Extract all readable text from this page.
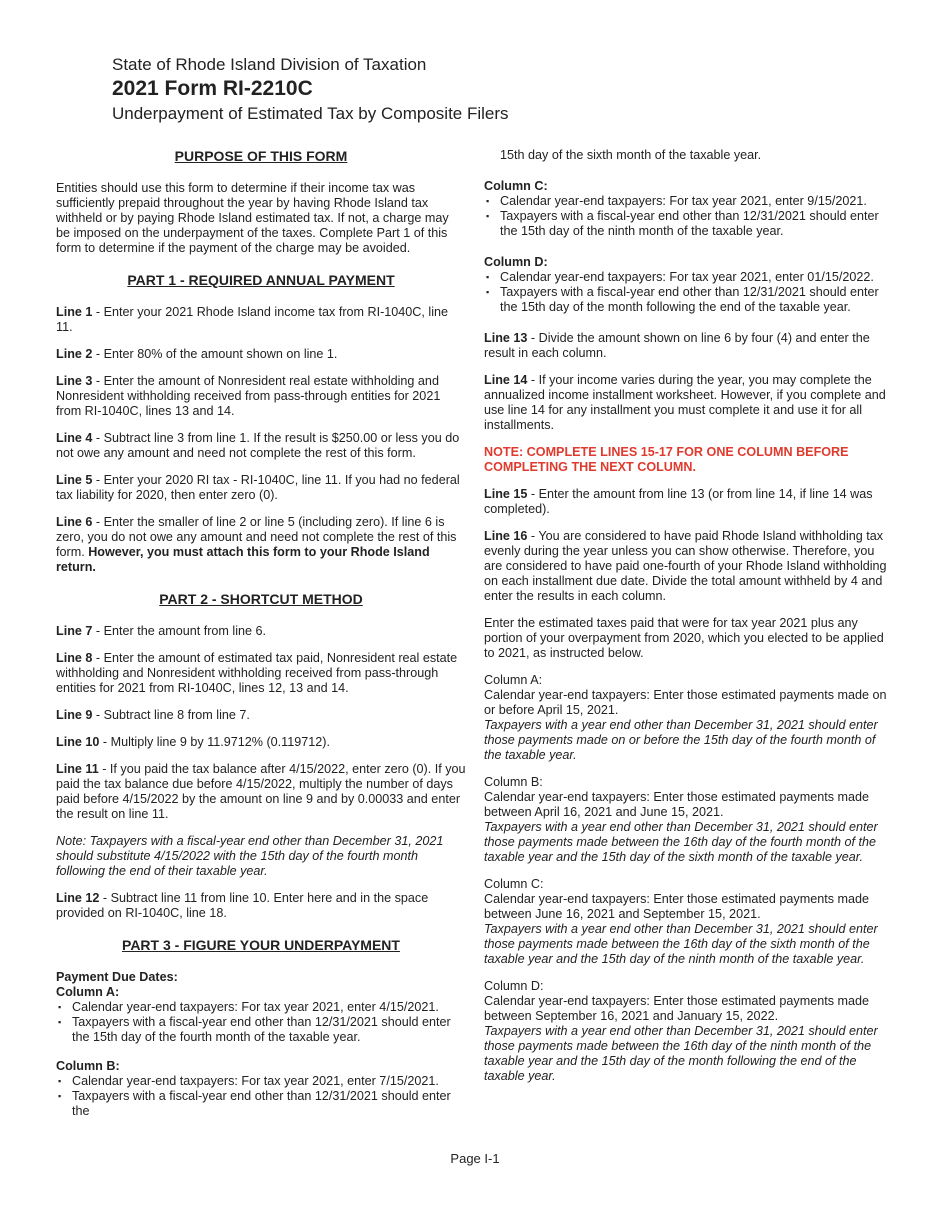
State of Rhode Island Division of Taxation
2021 Form RI-2210C
Underpayment of Estimated Tax by Composite Filers
PURPOSE OF THIS FORM

Entities should use this form to determine if their income tax was sufficiently prepaid throughout the year by having Rhode Island tax withheld or by paying Rhode Island estimated tax. If not, a charge may be imposed on the underpayment of the taxes. Complete Part 1 of this form to determine if the payment of the charge may be avoided.

PART 1 - REQUIRED ANNUAL PAYMENT

Line 1 - Enter your 2021 Rhode Island income tax from RI-1040C, line 11.

Line 2 - Enter 80% of the amount shown on line 1.

Line 3 - Enter the amount of Nonresident real estate withholding and Nonresident withholding received from pass-through entities for 2021 from RI-1040C, lines 13 and 14.

Line 4 - Subtract line 3 from line 1. If the result is $250.00 or less you do not owe any amount and need not complete the rest of this form.

Line 5 - Enter your 2020 RI tax - RI-1040C, line 11. If you had no federal tax liability for 2020, then enter zero (0).

Line 6 - Enter the smaller of line 2 or line 5 (including zero). If line 6 is zero, you do not owe any amount and need not complete the rest of this form. However, you must attach this form to your Rhode Island return.

PART 2 - SHORTCUT METHOD

Line 7 - Enter the amount from line 6.

Line 8 - Enter the amount of estimated tax paid, Nonresident real estate withholding and Nonresident withholding received from pass-through entities for 2021 from RI-1040C, lines 12, 13 and 14.

Line 9 - Subtract line 8 from line 7.

Line 10 - Multiply line 9 by 11.9712% (0.119712).

Line 11 - If you paid the tax balance after 4/15/2022, enter zero (0). If you paid the tax balance due before 4/15/2022, multiply the number of days paid before 4/15/2022 by the amount on line 9 and by 0.00033 and enter the result on line 11.

Note: Taxpayers with a fiscal-year end other than December 31, 2021 should substitute 4/15/2022 with the 15th day of the fourth month following the end of their taxable year.

Line 12 - Subtract line 11 from line 10. Enter here and in the space provided on RI-1040C, line 18.

PART 3 - FIGURE YOUR UNDERPAYMENT
Payment Due Dates:
Column A:
▪ Calendar year-end taxpayers: For tax year 2021, enter 4/15/2021.
▪ Taxpayers with a fiscal-year end other than 12/31/2021 should enter the 15th day of the fourth month of the taxable year.
Column B:
▪ Calendar year-end taxpayers: For tax year 2021, enter 7/15/2021.
▪ Taxpayers with a fiscal-year end other than 12/31/2021 should enter the
15th day of the sixth month of the taxable year.
Column C:
▪ Calendar year-end taxpayers: For tax year 2021, enter 9/15/2021.
▪ Taxpayers with a fiscal-year end other than 12/31/2021 should enter the 15th day of the ninth month of the taxable year.
Column D:
▪ Calendar year-end taxpayers: For tax year 2021, enter 01/15/2022.
▪ Taxpayers with a fiscal-year end other than 12/31/2021 should enter the 15th day of the month following the end of the taxable year.

Line 13 - Divide the amount shown on line 6 by four (4) and enter the result in each column.

Line 14 - If your income varies during the year, you may complete the annualized income installment worksheet. However, if you complete and use line 14 for any installment you must complete it and use it for all installments.

NOTE: COMPLETE LINES 15-17 FOR ONE COLUMN BEFORE COMPLETING THE NEXT COLUMN.

Line 15 - Enter the amount from line 13 (or from line 14, if line 14 was completed).

Line 16 - You are considered to have paid Rhode Island withholding tax evenly during the year unless you can show otherwise. Therefore, you are considered to have paid one-fourth of your Rhode Island withholding on each installment due date. Divide the total amount withheld by 4 and enter the results in each column.

Enter the estimated taxes paid that were for tax year 2021 plus any portion of your overpayment from 2020, which you elected to be applied to 2021, as instructed below.

Column A:
Calendar year-end taxpayers: Enter those estimated payments made on or before April 15, 2021.
Taxpayers with a year end other than December 31, 2021 should enter those payments made on or before the 15th day of the fourth month of the taxable year.

Column B:
Calendar year-end taxpayers: Enter those estimated payments made between April 16, 2021 and June 15, 2021.
Taxpayers with a year end other than December 31, 2021 should enter those payments made between the 16th day of the fourth month of the taxable year and the 15th day of the sixth month of the taxable year.

Column C:
Calendar year-end taxpayers: Enter those estimated payments made between June 16, 2021 and September 15, 2021.
Taxpayers with a year end other than December 31, 2021 should enter those payments made between the 16th day of the sixth month of the taxable year and the 15th day of the ninth month of the taxable year.

Column D:
Calendar year-end taxpayers: Enter those estimated payments made between September 16, 2021 and January 15, 2022.
Taxpayers with a year end other than December 31, 2021 should enter those payments made between the 16th day of the ninth month of the taxable year and the 15th day of the month following the end of the taxable year.

Page I-1
